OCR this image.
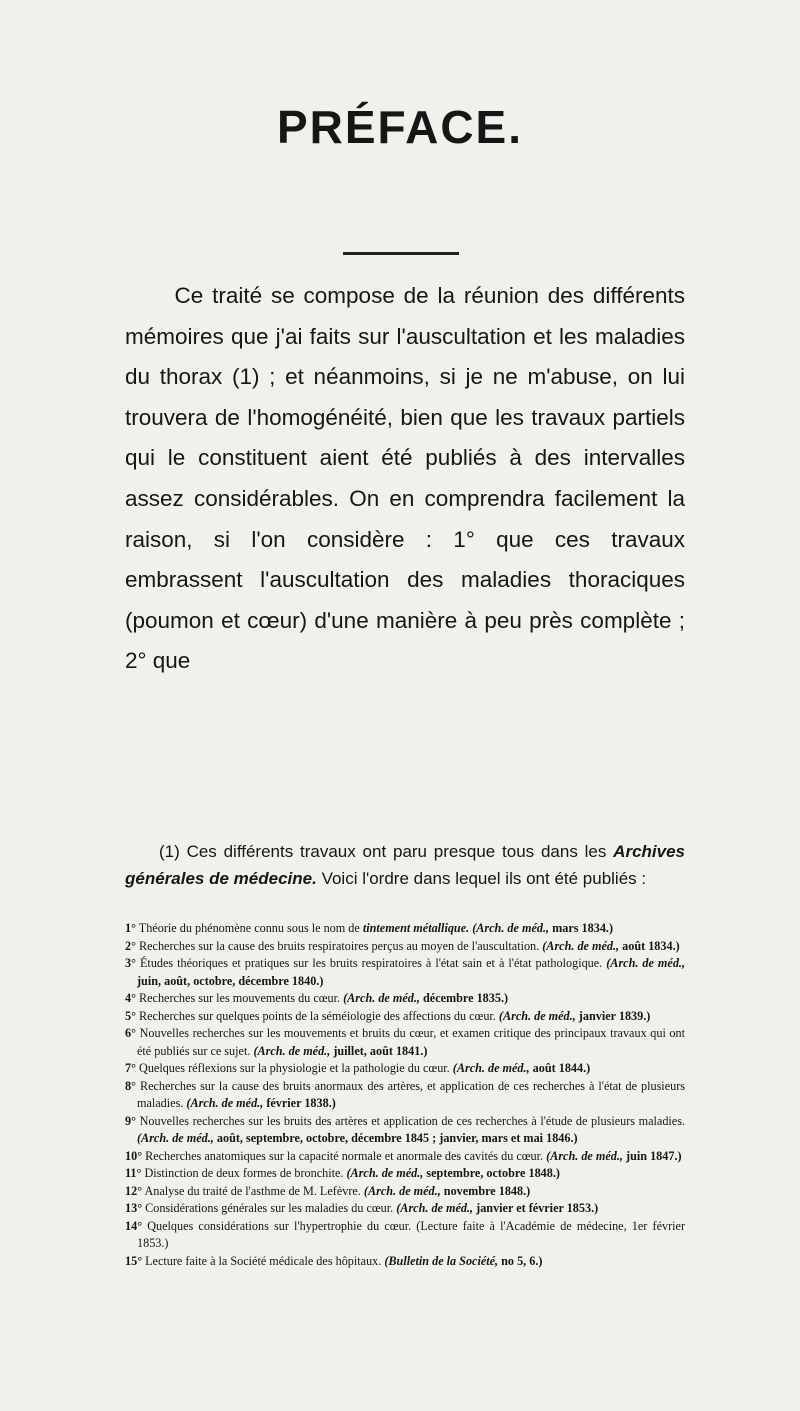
PRÉFACE.

Ce traité se compose de la réunion des différents mémoires que j'ai faits sur l'auscultation et les maladies du thorax (1) ; et néanmoins, si je ne m'abuse, on lui trouvera de l'homogénéité, bien que les travaux partiels qui le constituent aient été publiés à des intervalles assez considérables. On en comprendra facilement la raison, si l'on considère : 1° que ces travaux embrassent l'auscultation des maladies thoraciques (poumon et cœur) d'une manière à peu près complète ; 2° que

(1) Ces différents travaux ont paru presque tous dans les Archives générales de médecine. Voici l'ordre dans lequel ils ont été publiés :

1° Théorie du phénomène connu sous le nom de tintement métallique. (Arch. de méd., mars 1834.)
2° Recherches sur la cause des bruits respiratoires perçus au moyen de l'auscultation. (Arch. de méd., août 1834.)
3° Études théoriques et pratiques sur les bruits respiratoires à l'état sain et à l'état pathologique. (Arch. de méd., juin, août, octobre, décembre 1840.)
4° Recherches sur les mouvements du cœur. (Arch. de méd., décembre 1835.)
5° Recherches sur quelques points de la séméiologie des affections du cœur. (Arch. de méd., janvier 1839.)
6° Nouvelles recherches sur les mouvements et bruits du cœur, et examen critique des principaux travaux qui ont été publiés sur ce sujet. (Arch. de méd., juillet, août 1841.)
7° Quelques réflexions sur la physiologie et la pathologie du cœur. (Arch. de méd., août 1844.)
8° Recherches sur la cause des bruits anormaux des artères, et application de ces recherches à l'état de plusieurs maladies. (Arch. de méd., février 1838.)
9° Nouvelles recherches sur les bruits des artères et application de ces recherches à l'étude de plusieurs maladies. (Arch. de méd., août, septembre, octobre, décembre 1845 ; janvier, mars et mai 1846.)
10° Recherches anatomiques sur la capacité normale et anormale des cavités du cœur. (Arch. de méd., juin 1847.)
11° Distinction de deux formes de bronchite. (Arch. de méd., septembre, octobre 1848.)
12° Analyse du traité de l'asthme de M. Lefèvre. (Arch. de méd., novembre 1848.)
13° Considérations générales sur les maladies du cœur. (Arch. de méd., janvier et février 1853.)
14° Quelques considérations sur l'hypertrophie du cœur. (Lecture faite à l'Académie de médecine, 1er février 1853.)
15° Lecture faite à la Société médicale des hôpitaux. (Bulletin de la Société, no 5, 6.)
